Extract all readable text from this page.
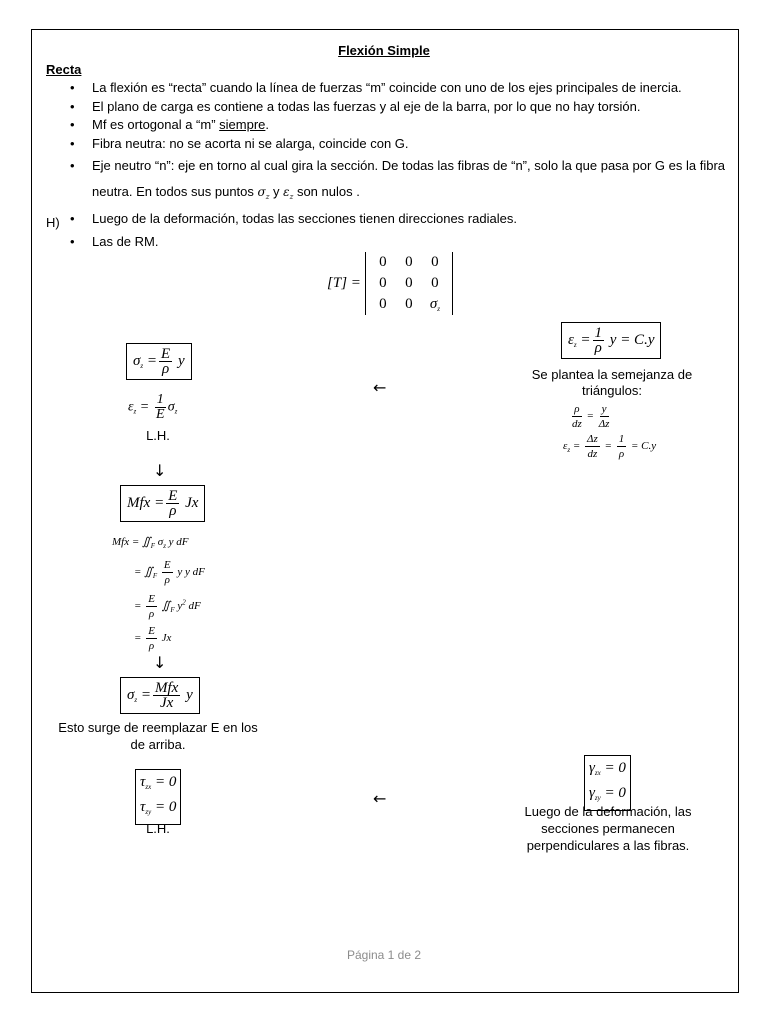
Flexión Simple
Recta
• La flexión es “recta” cuando la línea de fuerzas “m” coincide con uno de los ejes principales de inercia.
• El plano de carga es contiene a todas las fuerzas y al eje de la barra, por lo que no hay torsión.
• Mf es ortogonal a “m” siempre.
• Fibra neutra: no se acorta ni se alarga, coincide con G.
• Eje neutro “n”: eje en torno al cual gira la sección. De todas las fibras de “n”, solo la que pasa por G es la fibra neutra. En todos sus puntos $\sigma_z$ y $\varepsilon_z$ son nulos .
• Luego de la deformación, todas las secciones tienen direcciones radiales.
H)
• Las de RM.
[T] =
0	0	0
0	0	0
0	0	$\sigma_z$
$\sigma_z = \frac{E}{\rho}$ y
$\varepsilon_z = \frac{1}{E} \sigma_z$
L.H.
←
$\varepsilon_z = \frac{1}{\rho}$ y = C.y
Se plantea la semejanza de triángulos:
$\frac{\rho}{dz} = \frac{y}{\Delta z}$
$\varepsilon_z = \frac{\Delta z}{dz} = \frac{1}{\rho} = C.y$
↓
Mfx = $\frac{E}{\rho}$ Jx
Mfx = $∬_F$ $\sigma_z$ y dF
= $∬_F \frac{E}{\rho}$ y y dF
= $\frac{E}{\rho}$ $∬_F$ $y^2$ dF
= $\frac{E}{\rho}$ Jx
↓
$\sigma_z = \frac{\text{Mfx}}{Jx}$ y
Esto surge de reemplazar E en los de arriba.
$\tau_{zx} = 0$
$\tau_{zy} = 0$
L.H.
←
$\gamma_{zx} = 0$
$\gamma_{zy} = 0$
Luego de la deformación, las secciones permanecen perpendiculares a las fibras.
Página 1 de 2
